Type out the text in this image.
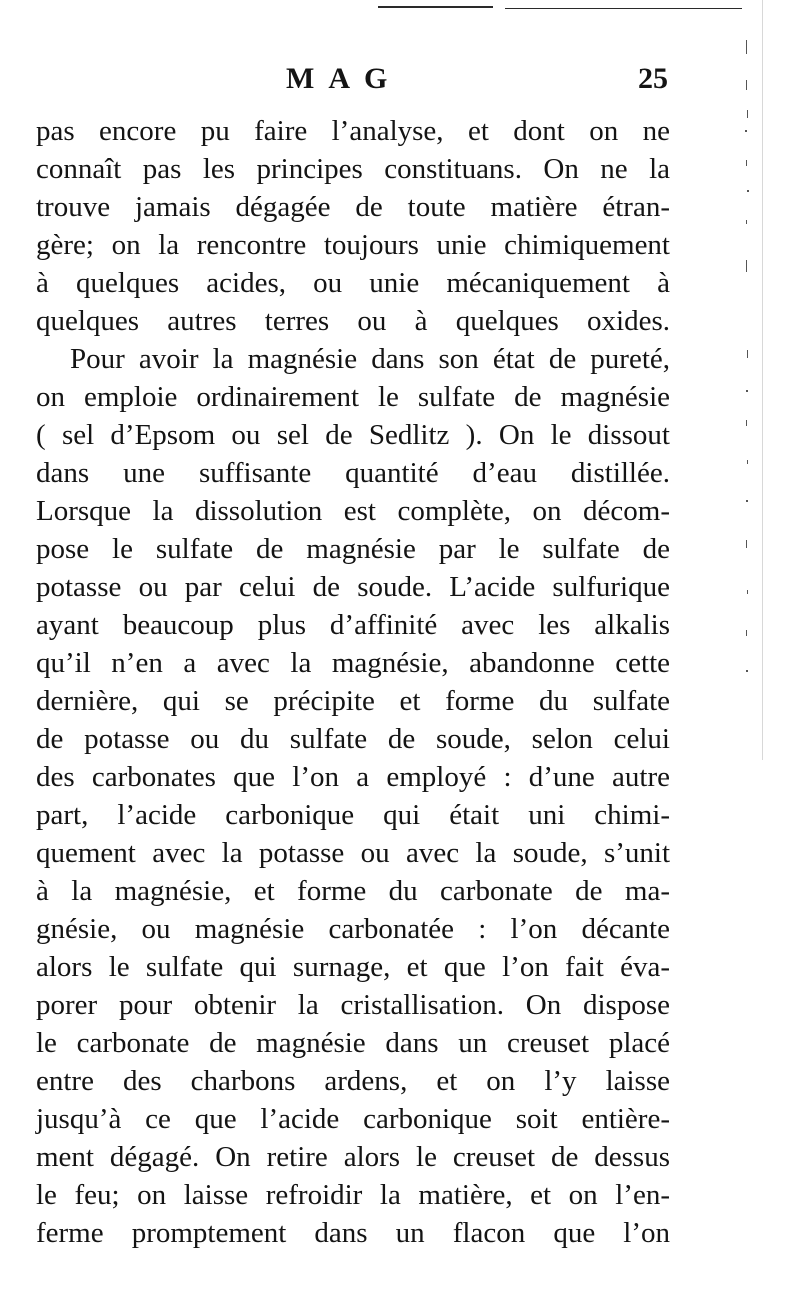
MAG	25
pas encore pu faire l’analyse, et dont on ne
connaît pas les principes constituans. On ne la
trouve jamais dégagée de toute matière étran-
gère; on la rencontre toujours unie chimiquement
à quelques acides, ou unie mécaniquement à
quelques autres terres ou à quelques oxides.
Pour avoir la magnésie dans son état de pureté,
on emploie ordinairement le sulfate de magnésie
( sel d’Epsom ou sel de Sedlitz ). On le dissout
dans une suffisante quantité d’eau distillée.
Lorsque la dissolution est complète, on décom-
pose le sulfate de magnésie par le sulfate de
potasse ou par celui de soude. L’acide sulfurique
ayant beaucoup plus d’affinité avec les alkalis
qu’il n’en a avec la magnésie, abandonne cette
dernière, qui se précipite et forme du sulfate
de potasse ou du sulfate de soude, selon celui
des carbonates que l’on a employé : d’une autre
part, l’acide carbonique qui était uni chimi-
quement avec la potasse ou avec la soude, s’unit
à la magnésie, et forme du carbonate de ma-
gnésie, ou magnésie carbonatée : l’on décante
alors le sulfate qui surnage, et que l’on fait éva-
porer pour obtenir la cristallisation. On dispose
le carbonate de magnésie dans un creuset placé
entre des charbons ardens, et on l’y laisse
jusqu’à ce que l’acide carbonique soit entière-
ment dégagé. On retire alors le creuset de dessus
le feu; on laisse refroidir la matière, et on l’en-
ferme promptement dans un flacon que l’on
